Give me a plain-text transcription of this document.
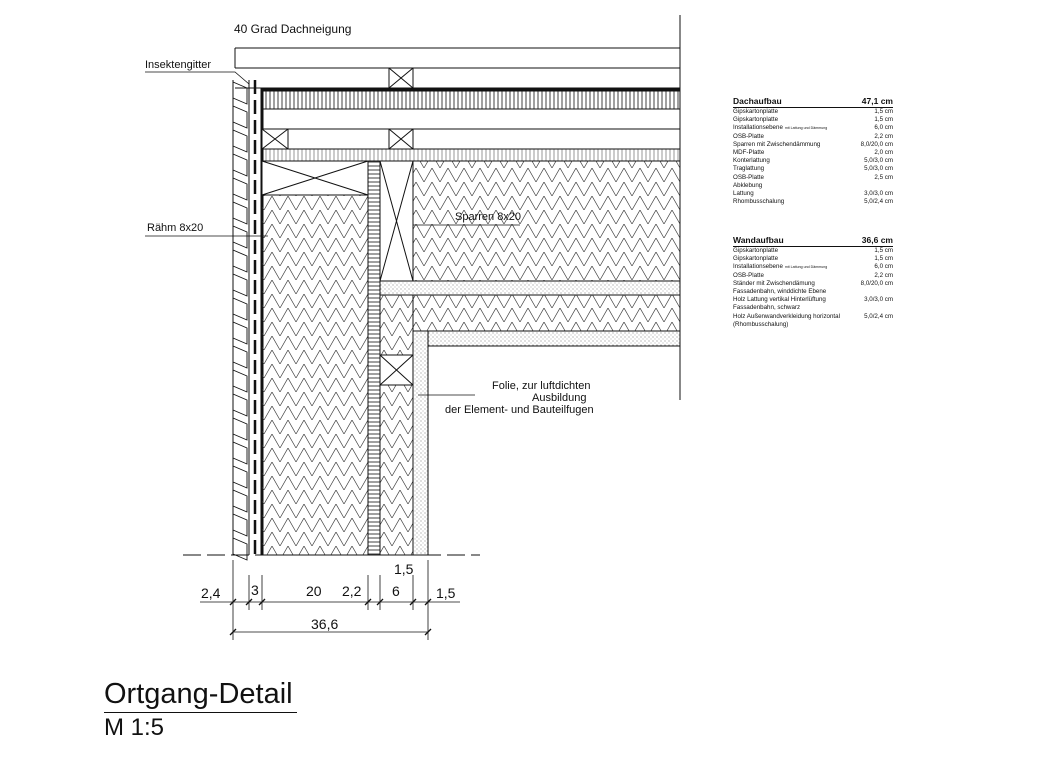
40 Grad Dachneigung
Insektengitter
Rähm 8x20
Sparren 8x20
Folie, zur luftdichten
Ausbildung
der Element- und Bauteilfugen
2,4 3	20 2,2 6
1,5
1,5
36,6
Dachaufbau	47,1 cm
Gipskartonplatte	1,5 cm
Gipskartonplatte	1,5 cm
Installationsebene mit Lattung und Dämmung	6,0 cm
OSB-Platte	2,2 cm
Sparren mit Zwischendämmung	8,0/20,0 cm
MDF-Platte	2,0 cm
Konterlattung	5,0/3,0 cm
Traglattung	5,0/3,0 cm
OSB-Platte	2,5 cm
Abklebung
Lattung	3,0/3,0 cm
Rhombusschalung	5,0/2,4 cm
Wandaufbau	36,6 cm
Gipskartonplatte	1,5 cm
Gipskartonplatte	1,5 cm
Installationsebene mit Lattung und Dämmung	6,0 cm
OSB-Platte	2,2 cm
Ständer mit Zwischendämung	8,0/20,0 cm
Fassadenbahn, winddichte Ebene
Holz Lattung vertikal Hinterlüftung	3,0/3,0 cm
Fassadenbahn, schwarz
Holz Außenwandverkleidung horizontal	5,0/2,4 cm
(Rhombusschalung)
Ortgang-Detail
M 1:5
